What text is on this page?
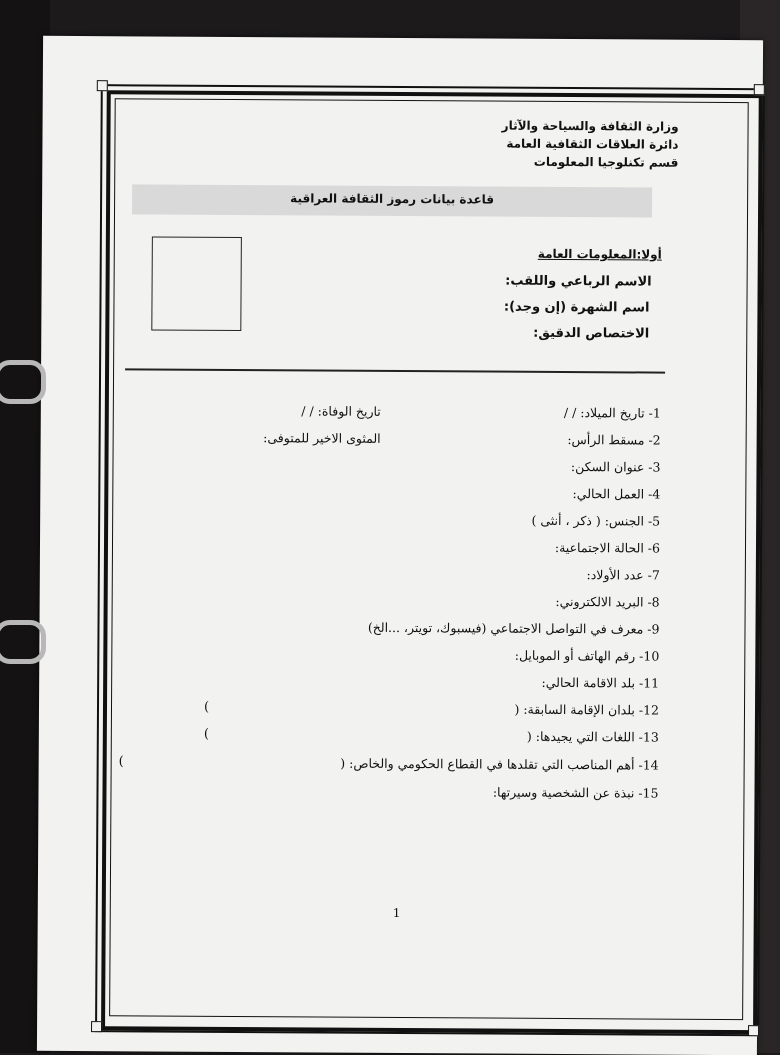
وزارة الثقافة والسياحة والآثار
دائرة العلاقات الثقافية العامة
قسم تكنلوجيا المعلومات
قاعدة بيانات رموز الثقافة العراقية
أولا:المعلومات العامة
الاسم الرباعي واللقب:
اسم الشهرة (إن وجد):
الاختصاص الدقيق:
1- تاريخ الميلاد: / /
تاريخ الوفاة: / /
2- مسقط الرأس:
المثوى الاخير للمتوفى:
3- عنوان السكن:
4- العمل الحالي:
5- الجنس: ( ذكر ، أنثى )
6- الحالة الاجتماعية:
7- عدد الأولاد:
8- البريد الالكتروني:
9- معرف في التواصل الاجتماعي (فيسبوك، تويتر، ...الخ)
10- رقم الهاتف أو الموبايل:
11- بلد الاقامة الحالي:
12- بلدان الإقامة السابقة: (
)
13- اللغات التي يجيدها: (
)
14- أهم المناصب التي تقلدها في القطاع الحكومي والخاص: (
)
15- نبذة عن الشخصية وسيرتها:
1
